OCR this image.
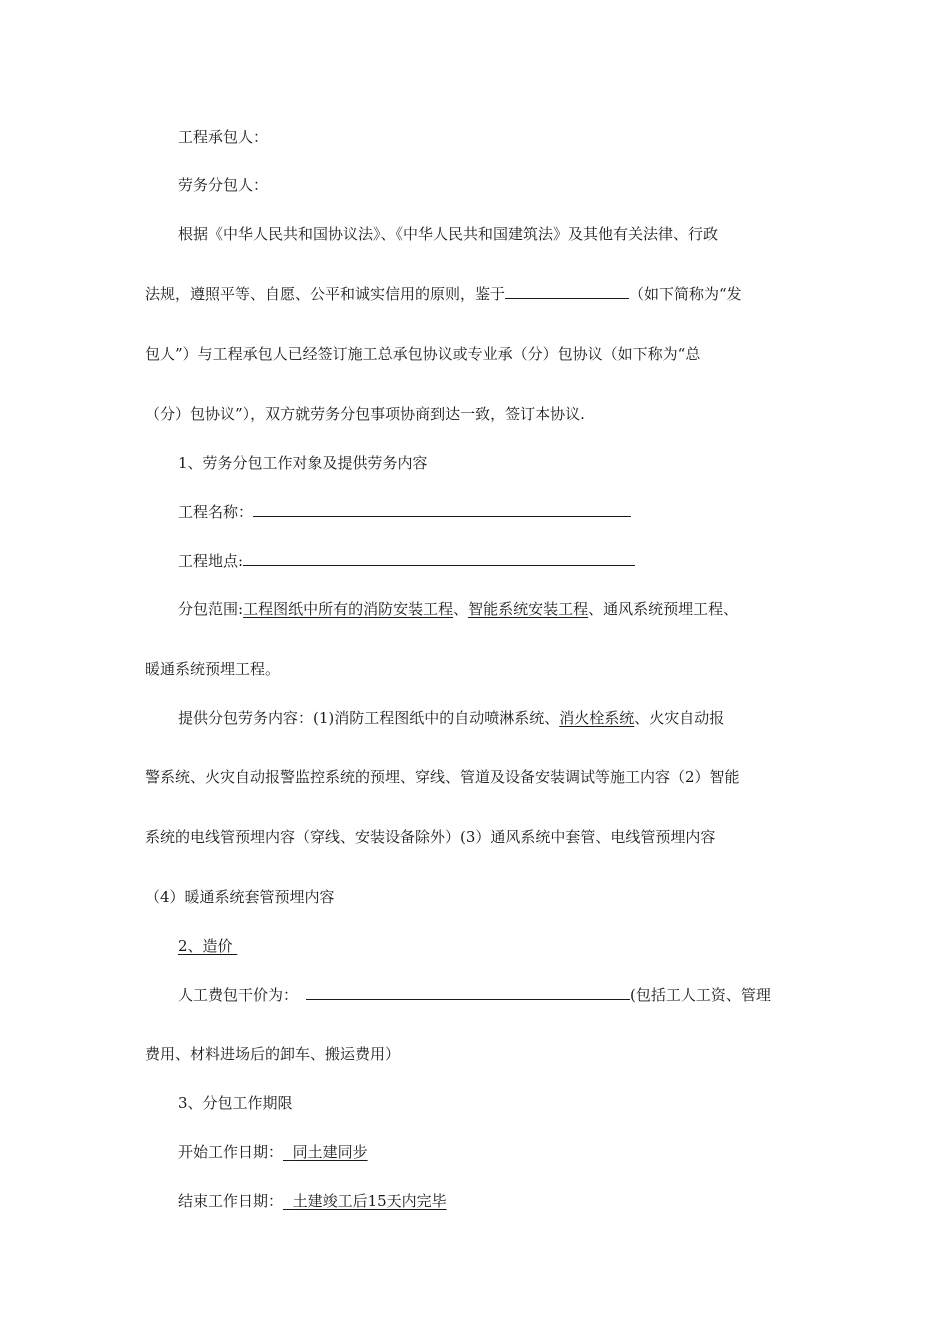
工程承包人：
劳务分包人：
根据《中华人民共和国协议法》、《中华人民共和国建筑法》及其他有关法律、行政
法规，遵照平等、自愿、公平和诚实信用的原则，鉴于	（如下简称为“发
包人”）与工程承包人已经签订施工总承包协议或专业承（分）包协议（如下称为“总
（分）包协议”），双方就劳务分包事项协商到达一致，签订本协议.
1、劳务分包工作对象及提供劳务内容
工程名称：
工程地点:
分包范围:工程图纸中所有的消防安装工程、智能系统安装工程、通风系统预埋工程、
暖通系统预埋工程。
提供分包劳务内容：(1)消防工程图纸中的自动喷淋系统、消火栓系统、火灾自动报
警系统、火灾自动报警监控系统的预埋、穿线、管道及设备安装调试等施工内容（2）智能
系统的电线管预埋内容（穿线、安装设备除外）(3）通风系统中套管、电线管预埋内容
（4）暖通系统套管预埋内容
2、造价
人工费包干价为：	(包括工人工资、管理
费用、材料进场后的卸车、搬运费用）
3、分包工作期限
开始工作日期： 同土建同步
结束工作日期： 土建竣工后15天内完毕
